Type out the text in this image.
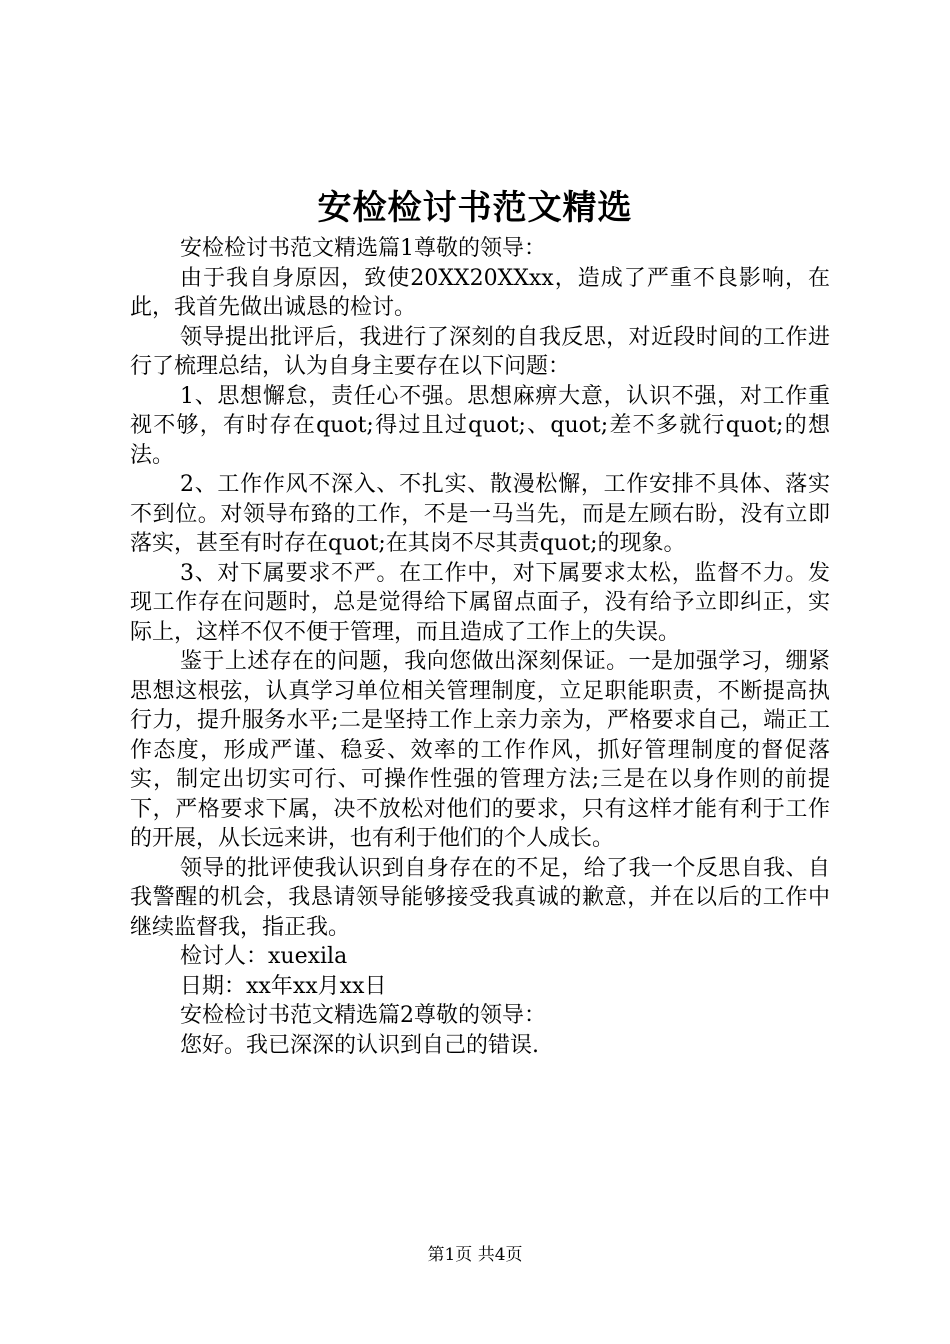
安检检讨书范文精选

安检检讨书范文精选篇1尊敬的领导：

由于我自身原因，致使20XX20XXxx，造成了严重不良影响，在此，我首先做出诚恳的检讨。

领导提出批评后，我进行了深刻的自我反思，对近段时间的工作进行了梳理总结，认为自身主要存在以下问题：

1、思想懈怠，责任心不强。思想麻痹大意，认识不强，对工作重视不够，有时存在quot;得过且过quot;、quot;差不多就行quot;的想法。

2、工作作风不深入、不扎实、散漫松懈，工作安排不具体、落实不到位。对领导布臵的工作，不是一马当先，而是左顾右盼，没有立即落实，甚至有时存在quot;在其岗不尽其责quot;的现象。

3、对下属要求不严。在工作中，对下属要求太松，监督不力。发现工作存在问题时，总是觉得给下属留点面子，没有给予立即纠正，实际上，这样不仅不便于管理，而且造成了工作上的失误。

鉴于上述存在的问题，我向您做出深刻保证。一是加强学习，绷紧思想这根弦，认真学习单位相关管理制度，立足职能职责，不断提高执行力，提升服务水平;二是坚持工作上亲力亲为，严格要求自己，端正工作态度，形成严谨、稳妥、效率的工作作风，抓好管理制度的督促落实，制定出切实可行、可操作性强的管理方法;三是在以身作则的前提下，严格要求下属，决不放松对他们的要求，只有这样才能有利于工作的开展，从长远来讲，也有利于他们的个人成长。

领导的批评使我认识到自身存在的不足，给了我一个反思自我、自我警醒的机会，我恳请领导能够接受我真诚的歉意，并在以后的工作中继续监督我，指正我。

检讨人：xuexila

日期：xx年xx月xx日

安检检讨书范文精选篇2尊敬的领导：

您好。我已深深的认识到自己的错误.

第1页 共4页
